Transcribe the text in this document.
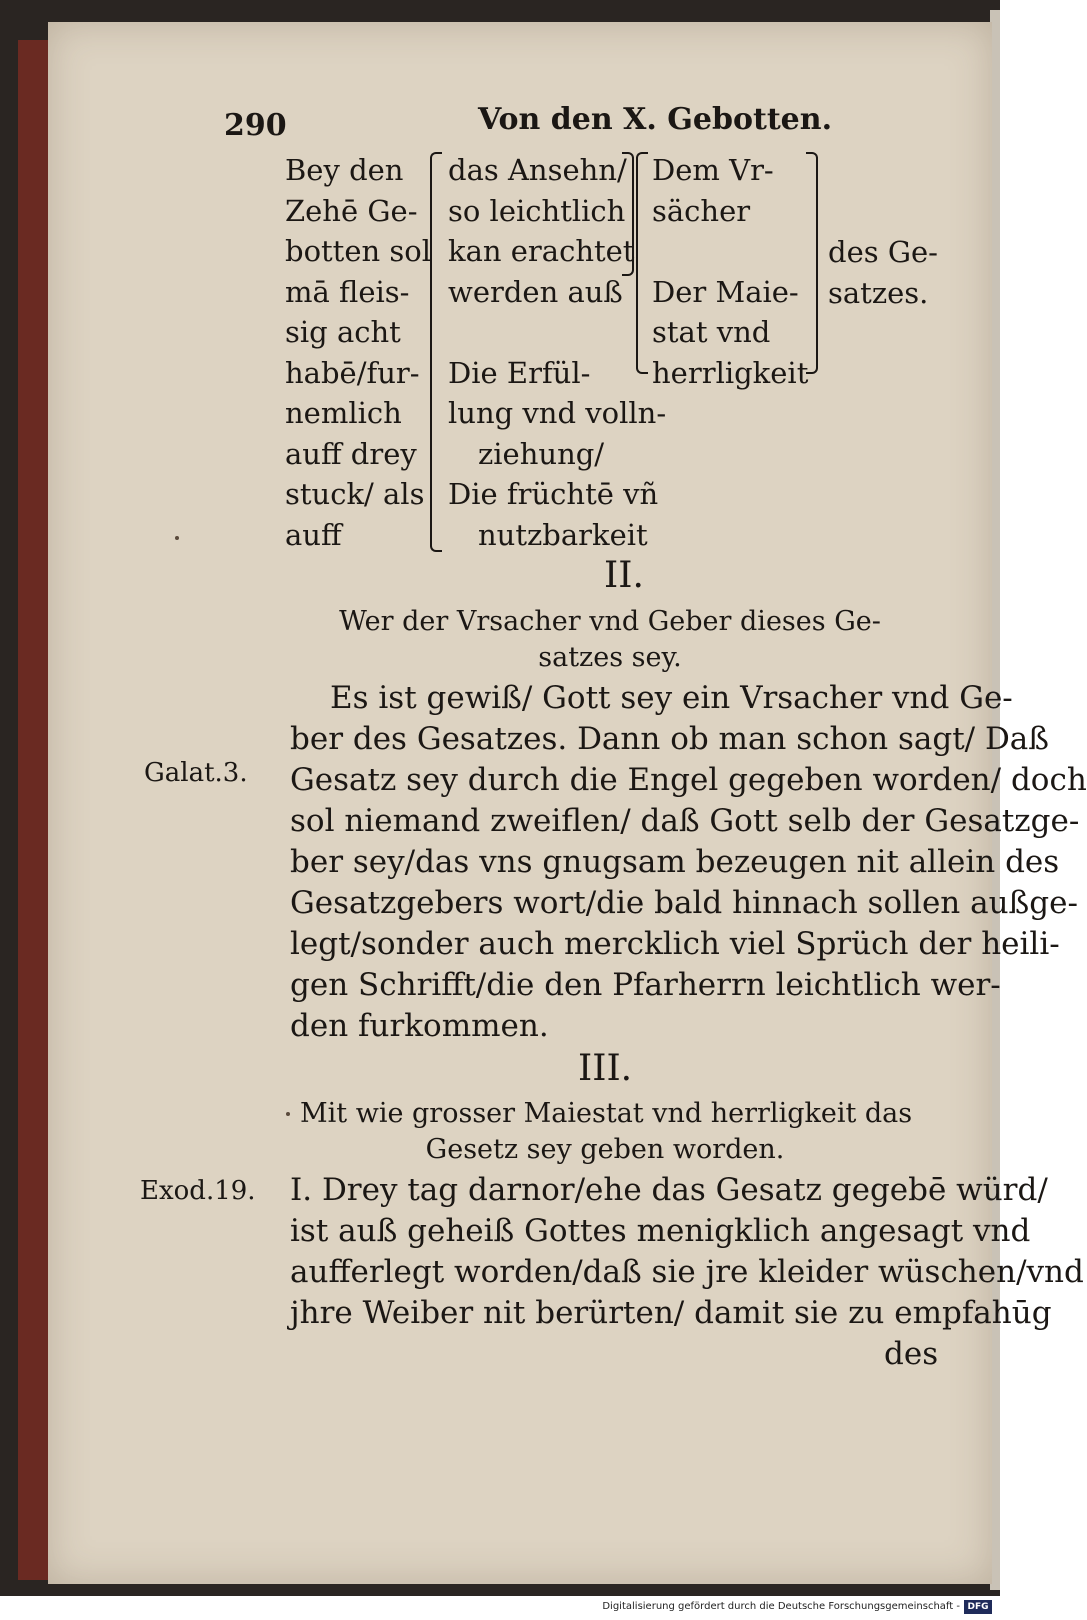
290	Von den X. Gebotten.
Bey den
Zehē Ge-
botten sol
mā fleis-
sig acht
habē/fur-
nemlich
auff drey
stuck/ als
auff
das Ansehn/
so leichtlich
kan erachtet
werden auß
Die Erfül-
lung vnd volln-
ziehung/
Die früchtē vñ
nutzbarkeit
Dem Vr-
sächer
Der Maie-
stat vnd
herrligkeit
des Ge-
satzes.
II.
Wer der Vrsacher vnd Geber dieses Ge-
satzes sey.
Galat.3.
Es ist gewiß/ Gott sey ein Vrsacher vnd Ge-
ber des Gesatzes. Dann ob man schon sagt/ Daß
Gesatz sey durch die Engel gegeben worden/ doch
sol niemand zweiflen/ daß Gott selb der Gesatzge-
ber sey/das vns gnugsam bezeugen nit allein des
Gesatzgebers wort/die bald hinnach sollen außge-
legt/sonder auch mercklich viel Sprüch der heili-
gen Schrifft/die den Pfarherrn leichtlich wer-
den furkommen.
III.
Mit wie grosser Maiestat vnd herrligkeit das
Gesetz sey geben worden.
Exod.19. I. Drey tag darnor/ehe das Gesatz gegebē würd/
ist auß geheiß Gottes menigklich angesagt vnd
aufferlegt worden/daß sie jre kleider wüschen/vnd
jhre Weiber nit berürten/ damit sie zu empfahūg
des
Digitalisierung gefördert durch die Deutsche Forschungsgemeinschaft - DFG
